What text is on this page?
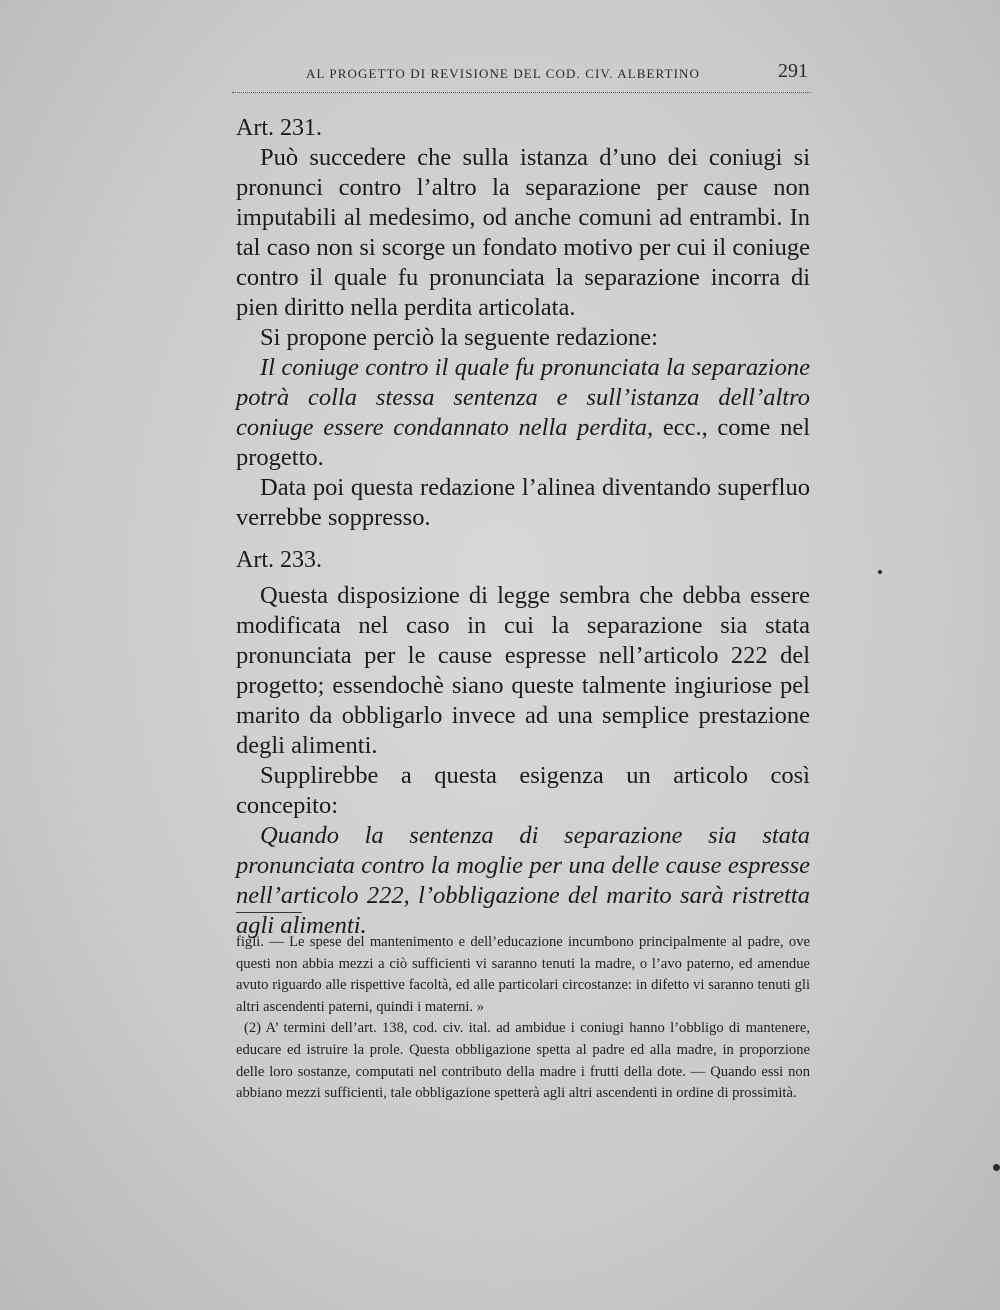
AL PROGETTO DI REVISIONE DEL COD. CIV. ALBERTINO	291

Art. 231.

Può succedere che sulla istanza d’uno dei coniugi si pronunci contro l’altro la separazione per cause non imputabili al medesimo, od anche comuni ad entrambi. In tal caso non si scorge un fondato motivo per cui il coniuge contro il quale fu pronunciata la separazione incorra di pien diritto nella perdita articolata.

Si propone perciò la seguente redazione:

Il coniuge contro il quale fu pronunciata la separazione potrà colla stessa sentenza e sull’istanza dell’altro coniuge essere condannato nella perdita, ecc., come nel progetto.

Data poi questa redazione l’alinea diventando superfluo verrebbe soppresso.

Art. 233.

Questa disposizione di legge sembra che debba essere modificata nel caso in cui la separazione sia stata pronunciata per le cause espresse nell’articolo 222 del progetto; essendochè siano queste talmente ingiuriose pel marito da obbligarlo invece ad una semplice prestazione degli alimenti.

Supplirebbe a questa esigenza un articolo così concepito:

Quando la sentenza di separazione sia stata pronunciata contro la moglie per una delle cause espresse nell’articolo 222, l’obbligazione del marito sarà ristretta agli alimenti.

figli. — Le spese del mantenimento e dell’educazione incumbono principalmente al padre, ove questi non abbia mezzi a ciò sufficienti vi saranno tenuti la madre, o l’avo paterno, ed amendue avuto riguardo alle rispettive facoltà, ed alle particolari circostanze: in difetto vi saranno tenuti gli altri ascendenti paterni, quindi i materni. »

(2) A’ termini dell’art. 138, cod. civ. ital. ad ambidue i coniugi hanno l’obbligo di mantenere, educare ed istruire la prole. Questa obbligazione spetta al padre ed alla madre, in proporzione delle loro sostanze, computati nel contributo della madre i frutti della dote. — Quando essi non abbiano mezzi sufficienti, tale obbligazione spetterà agli altri ascendenti in ordine di prossimità.
